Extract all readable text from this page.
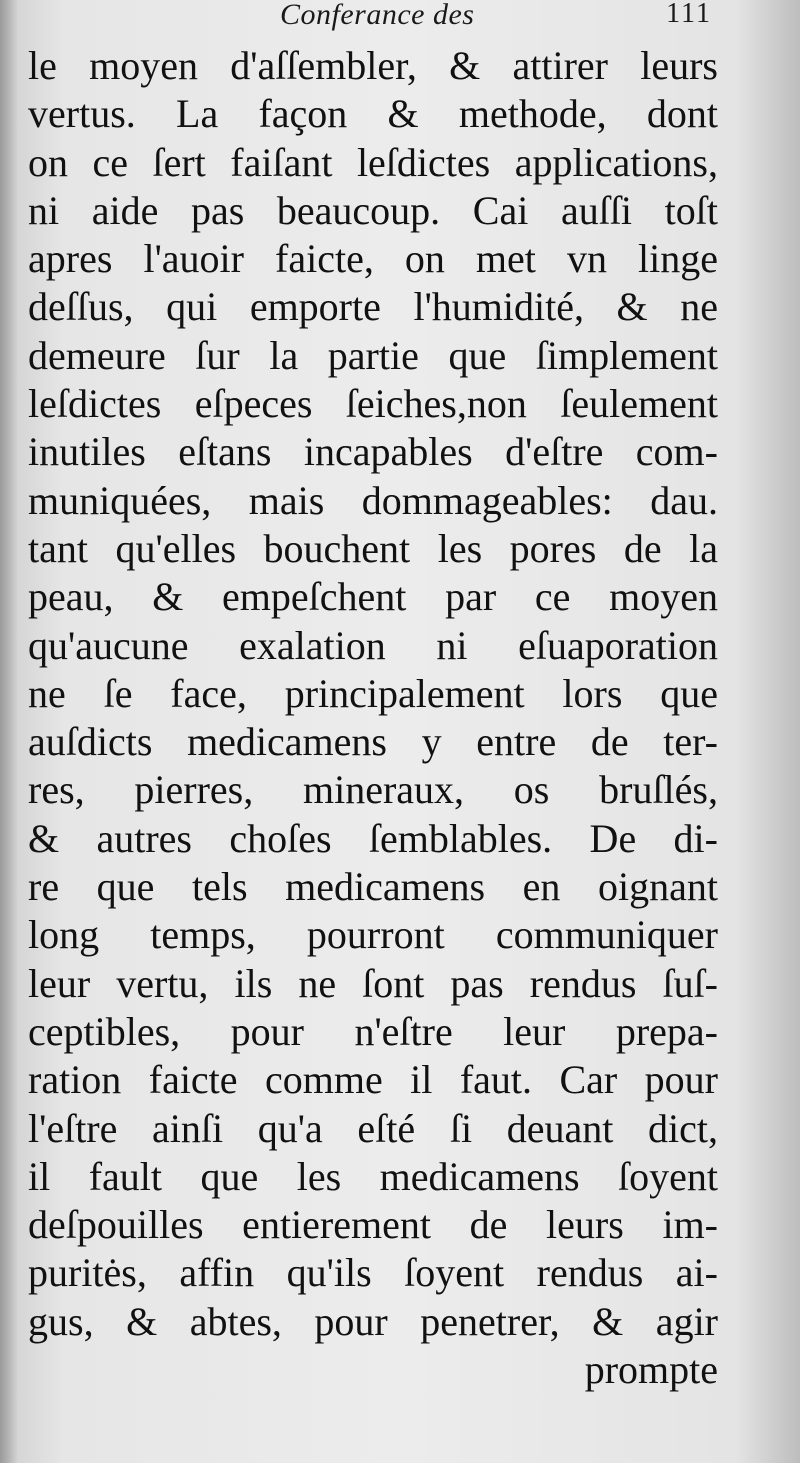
Conferance des	111
le moyen d'aſſembler, & attirer leurs
vertus. La façon & methode, dont
on ce ſert faiſant leſdictes applications,
ni aide pas beaucoup. Cai auſſi toſt
apres l'auoir faicte, on met vn linge
deſſus, qui emporte l'humidité, & ne
demeure ſur la partie que ſimplement
leſdictes eſpeces ſeiches,non ſeulement
inutiles eſtans incapables d'eſtre com-
muniquées, mais dommageables: dau.
tant qu'elles bouchent les pores de la
peau, & empeſchent par ce moyen
qu'aucune exalation ni eſuaporation
ne ſe face, principalement lors que
auſdicts medicamens y entre de ter-
res, pierres, mineraux, os bruſlés,
& autres choſes ſemblables. De di-
re que tels medicamens en oignant
long temps, pourront communiquer
leur vertu, ils ne ſont pas rendus ſuſ-
ceptibles, pour n'eſtre leur prepa-
ration faicte comme il faut. Car pour
l'eſtre ainſi qu'a eſté ſi deuant dict,
il fault que les medicamens ſoyent
deſpouilles entierement de leurs im-
puritės, affin qu'ils ſoyent rendus ai-
gus, & abtes, pour penetrer, & agir
prompte
